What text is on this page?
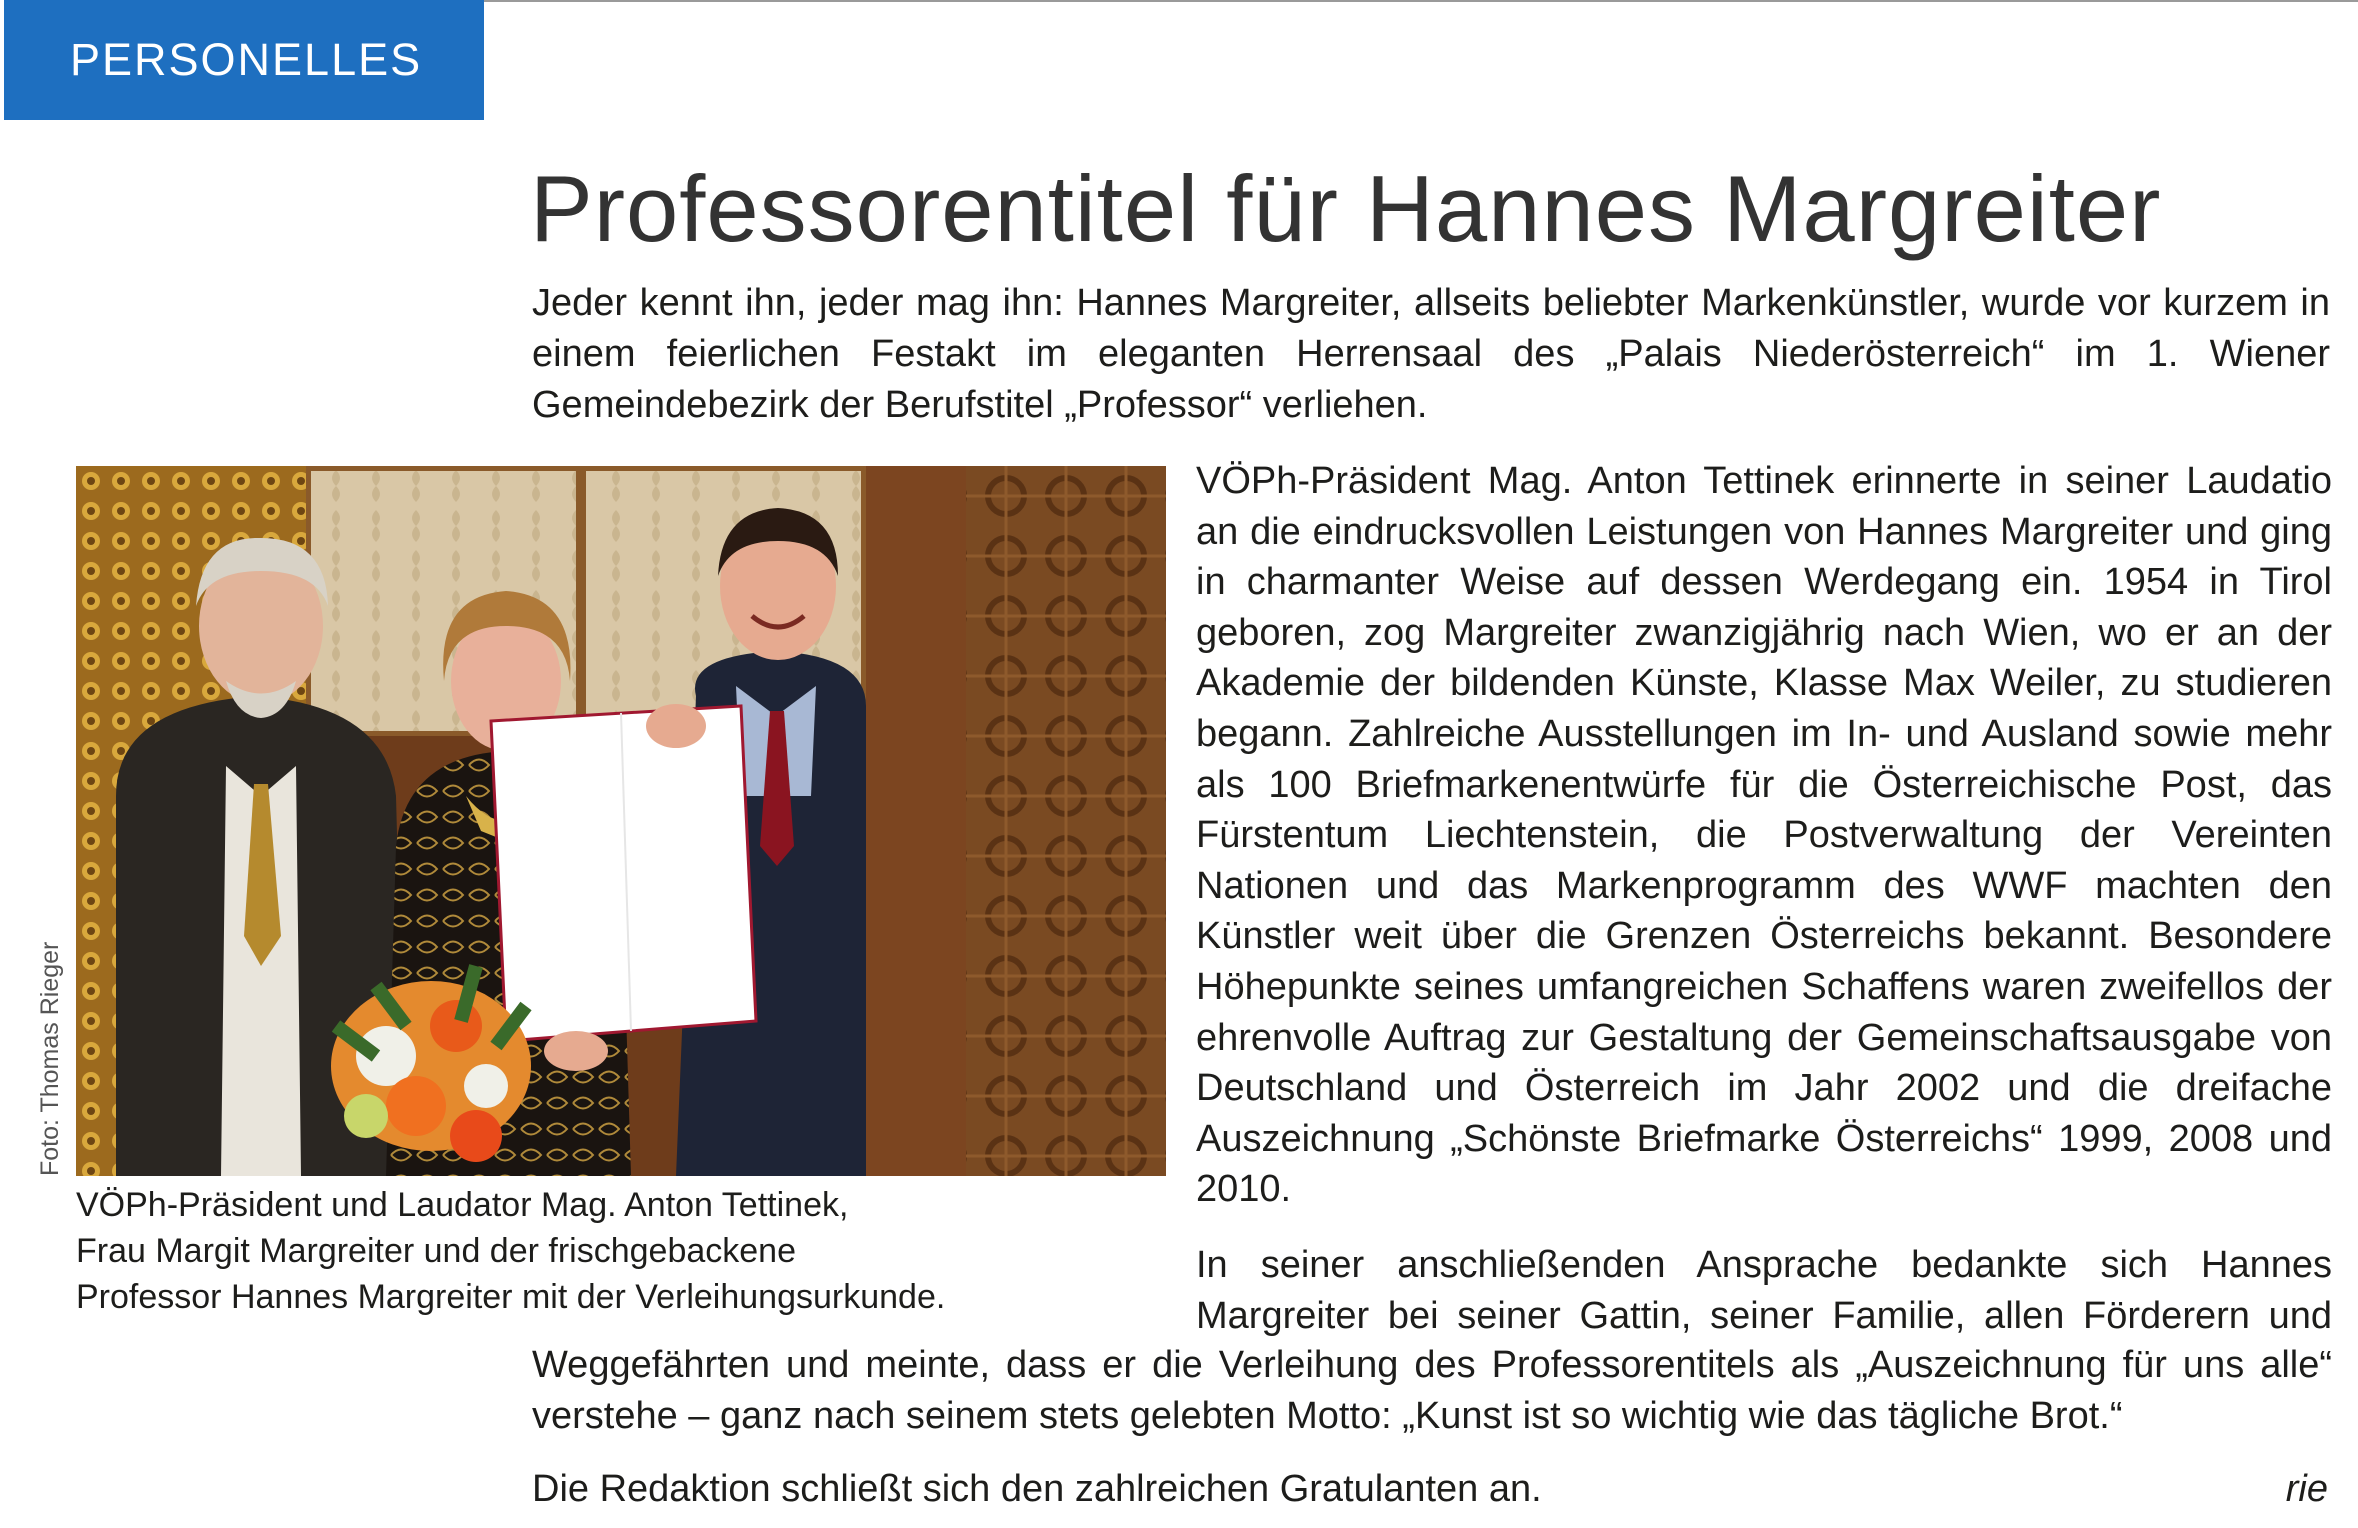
PERSONELLES
Professorentitel für Hannes Margreiter

Jeder kennt ihn, jeder mag ihn: Hannes Margreiter, allseits beliebter Markenkünstler, wurde vor kurzem in einem feierlichen Festakt im eleganten Herrensaal des „Palais Niederösterreich“ im 1. Wiener Gemeindebezirk der Berufstitel „Professor“ verliehen.

Foto: Thomas Rieger
VÖPh-Präsident und Laudator Mag. Anton Tettinek,
Frau Margit Margreiter und der frischgebackene
Professor Hannes Margreiter mit der Verleihungsurkunde.

VÖPh-Präsident Mag. Anton Tettinek erinnerte in seiner Laudatio an die eindrucksvollen Leistungen von Hannes Margreiter und ging in charmanter Weise auf dessen Werdegang ein. 1954 in Tirol geboren, zog Margreiter zwanzigjährig nach Wien, wo er an der Akademie der bildenden Künste, Klasse Max Weiler, zu studieren begann. Zahlreiche Ausstellungen im In- und Ausland sowie mehr als 100 Briefmarkenentwürfe für die Österreichische Post, das Fürstentum Liechtenstein, die Postverwaltung der Vereinten Nationen und das Markenprogramm des WWF machten den Künstler weit über die Grenzen Österreichs bekannt. Besondere Höhepunkte seines umfangreichen Schaffens waren zweifellos der ehrenvolle Auftrag zur Gestaltung der Gemeinschaftsausgabe von Deutschland und Österreich im Jahr 2002 und die dreifache Auszeichnung „Schönste Briefmarke Österreichs“ 1999, 2008 und 2010.

In seiner anschließenden Ansprache bedankte sich Hannes Margreiter bei seiner Gattin, seiner Familie, allen Förderern und

Weggefährten und meinte, dass er die Verleihung des Professorentitels als „Auszeichnung für uns alle“ verstehe – ganz nach seinem stets gelebten Motto: „Kunst ist so wichtig wie das tägliche Brot.“

Die Redaktion schließt sich den zahlreichen Gratulanten an.	rie
